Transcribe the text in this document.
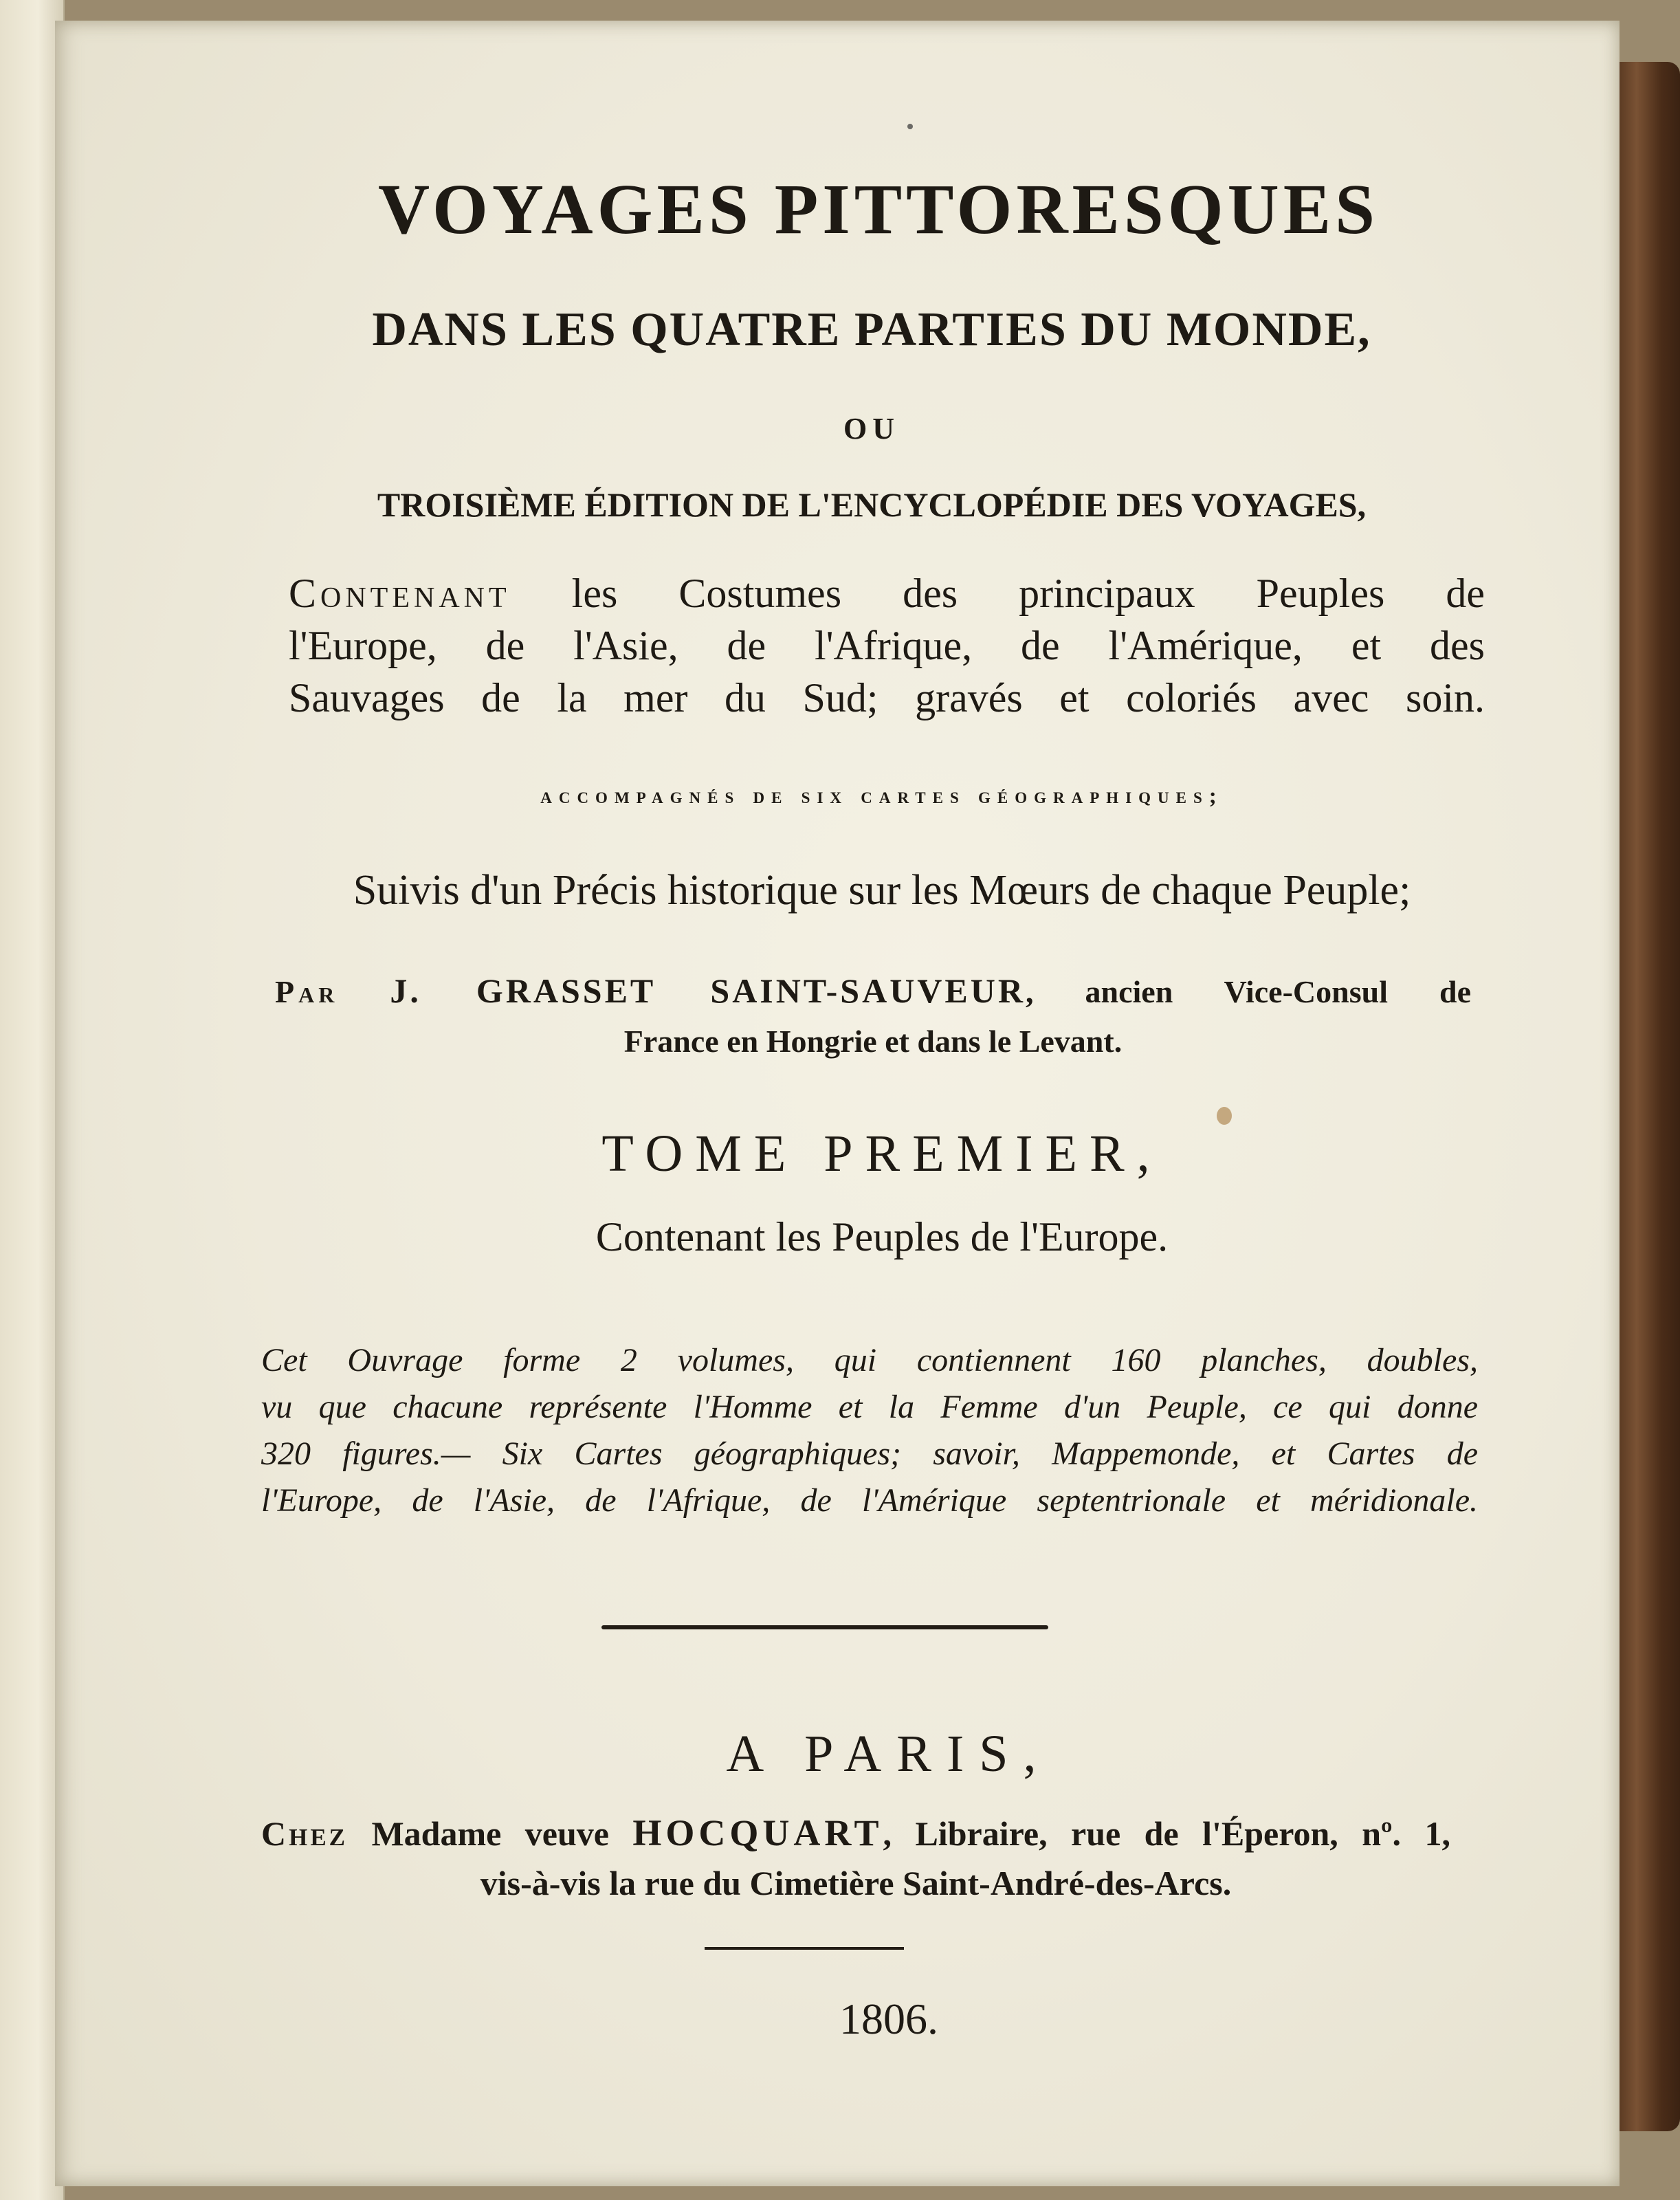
VOYAGES PITTORESQUES
DANS LES QUATRE PARTIES DU MONDE,
OU
TROISIÈME ÉDITION DE L'ENCYCLOPÉDIE DES VOYAGES,
Contenant les Costumes des principaux Peuples de
l'Europe, de l'Asie, de l'Afrique, de l'Amérique, et des
Sauvages de la mer du Sud; gravés et coloriés avec soin.
accompagnés de six cartes géographiques;
Suivis d'un Précis historique sur les Mœurs de chaque Peuple;
Par J. GRASSET SAINT-SAUVEUR, ancien Vice-Consul de
France en Hongrie et dans le Levant.
TOME PREMIER,
Contenant les Peuples de l'Europe.
Cet Ouvrage forme 2 volumes, qui contiennent 160 planches, doubles,
vu que chacune représente l'Homme et la Femme d'un Peuple, ce qui donne
320 figures.— Six Cartes géographiques; savoir, Mappemonde, et Cartes de
l'Europe, de l'Asie, de l'Afrique, de l'Amérique septentrionale et méridionale.
A PARIS,
Chez Madame veuve HOCQUART, Libraire, rue de l'Éperon, nº. 1,
vis-à-vis la rue du Cimetière Saint-André-des-Arcs.
1806.
